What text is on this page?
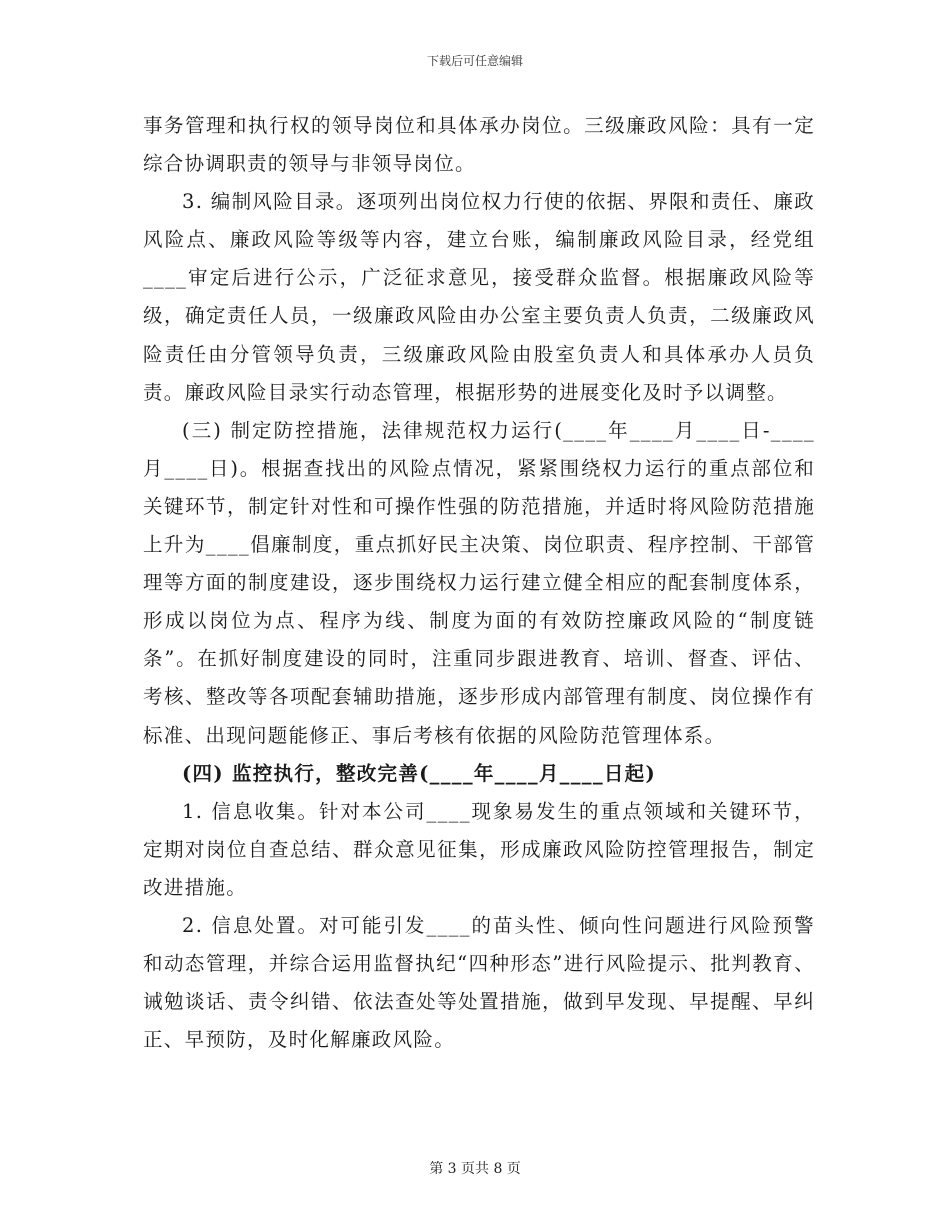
下载后可任意编辑

事务管理和执行权的领导岗位和具体承办岗位。三级廉政风险：具有一定综合协调职责的领导与非领导岗位。

3. 编制风险目录。逐项列出岗位权力行使的依据、界限和责任、廉政风险点、廉政风险等级等内容，建立台账，编制廉政风险目录，经党组____审定后进行公示，广泛征求意见，接受群众监督。根据廉政风险等级，确定责任人员，一级廉政风险由办公室主要负责人负责，二级廉政风险责任由分管领导负责，三级廉政风险由股室负责人和具体承办人员负责。廉政风险目录实行动态管理，根据形势的进展变化及时予以调整。

(三) 制定防控措施，法律规范权力运行(____年____月____日-____月____日)。根据查找出的风险点情况，紧紧围绕权力运行的重点部位和关键环节，制定针对性和可操作性强的防范措施，并适时将风险防范措施上升为____倡廉制度，重点抓好民主决策、岗位职责、程序控制、干部管理等方面的制度建设，逐步围绕权力运行建立健全相应的配套制度体系，形成以岗位为点、程序为线、制度为面的有效防控廉政风险的“制度链条”。在抓好制度建设的同时，注重同步跟进教育、培训、督查、评估、考核、整改等各项配套辅助措施，逐步形成内部管理有制度、岗位操作有标准、出现问题能修正、事后考核有依据的风险防范管理体系。

(四) 监控执行，整改完善(____年____月____日起)

1. 信息收集。针对本公司____现象易发生的重点领域和关键环节，定期对岗位自查总结、群众意见征集，形成廉政风险防控管理报告，制定改进措施。

2. 信息处置。对可能引发____的苗头性、倾向性问题进行风险预警和动态管理，并综合运用监督执纪“四种形态”进行风险提示、批判教育、诫勉谈话、责令纠错、依法查处等处置措施，做到早发现、早提醒、早纠正、早预防，及时化解廉政风险。

第 3 页共 8 页
